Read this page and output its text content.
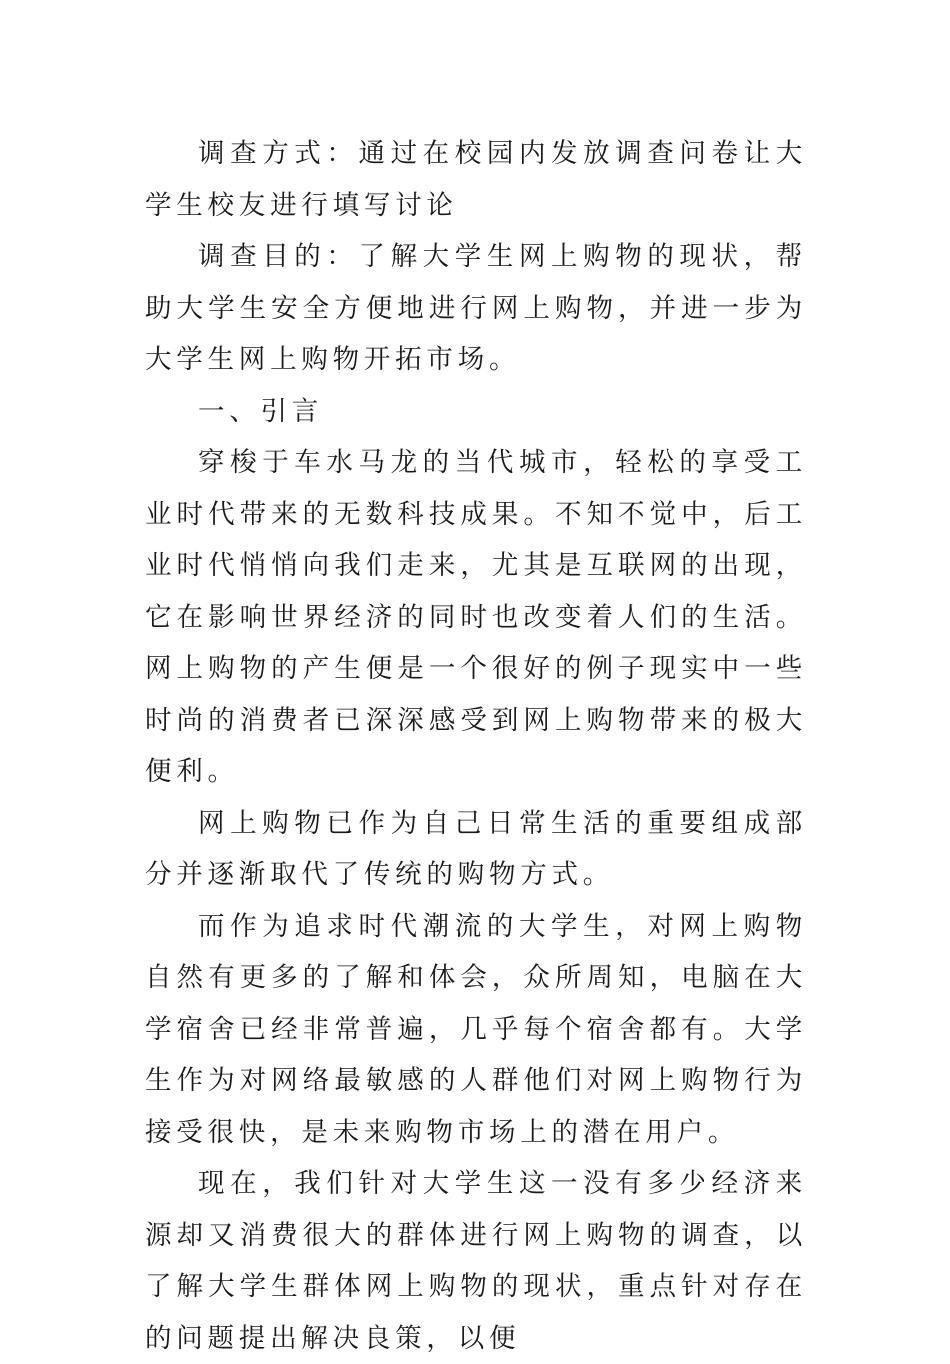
调查方式：通过在校园内发放调查问卷让大学生校友进行填写讨论

调查目的：了解大学生网上购物的现状，帮助大学生安全方便地进行网上购物，并进一步为大学生网上购物开拓市场。

一、引言

穿梭于车水马龙的当代城市，轻松的享受工业时代带来的无数科技成果。不知不觉中，后工业时代悄悄向我们走来，尤其是互联网的出现，它在影响世界经济的同时也改变着人们的生活。网上购物的产生便是一个很好的例子现实中一些时尚的消费者已深深感受到网上购物带来的极大便利。

网上购物已作为自己日常生活的重要组成部分并逐渐取代了传统的购物方式。

而作为追求时代潮流的大学生，对网上购物自然有更多的了解和体会，众所周知，电脑在大学宿舍已经非常普遍，几乎每个宿舍都有。大学生作为对网络最敏感的人群他们对网上购物行为接受很快，是未来购物市场上的潜在用户。

现在，我们针对大学生这一没有多少经济来源却又消费很大的群体进行网上购物的调查，以了解大学生群体网上购物的现状，重点针对存在的问题提出解决良策，以便
